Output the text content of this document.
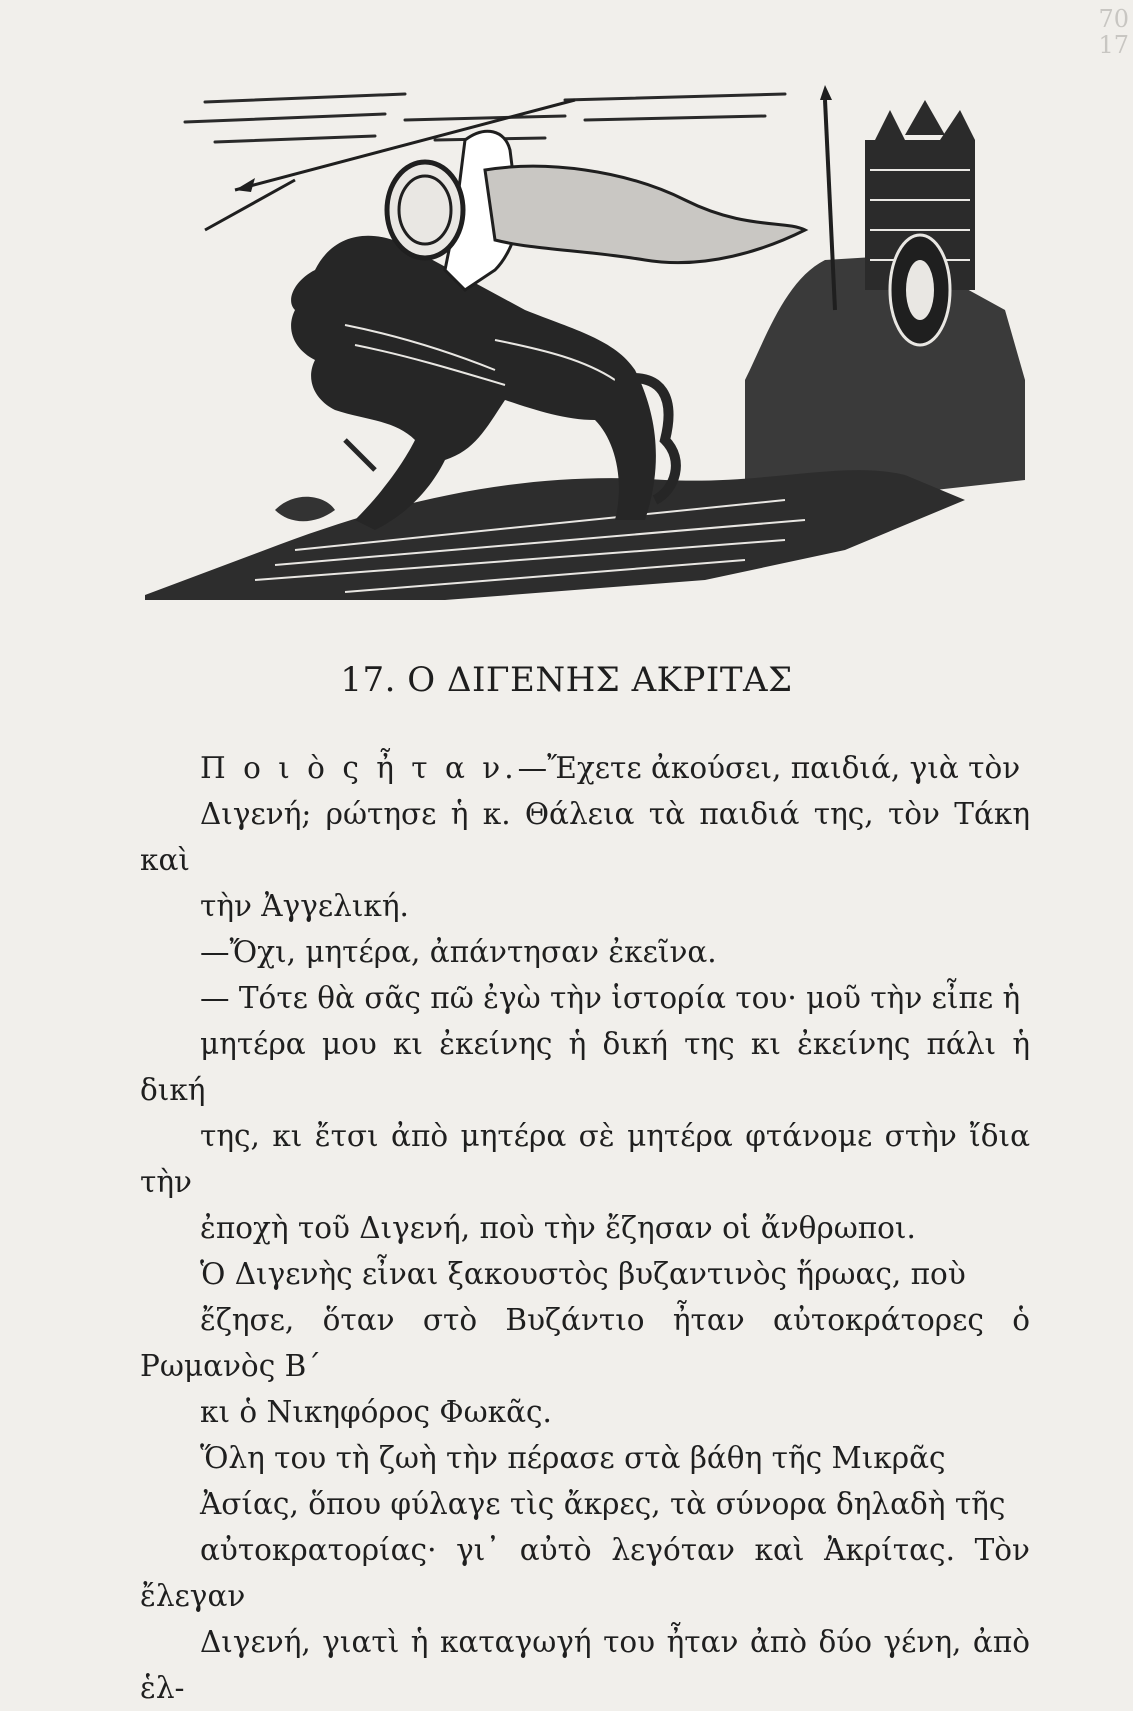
70
17
17. Ο ΔΙΓΕΝΗΣ ΑΚΡΙΤΑΣ

Π ο ι ὸ ς ἦ τ α ν.—Ἔχετε ἀκούσει, παιδιά, γιὰ τὸν
Διγενή; ρώτησε ἡ κ. Θάλεια τὰ παιδιά της, τὸν Τάκη καὶ
τὴν Ἀγγελική.

—Ὄχι, μητέρα, ἀπάντησαν ἐκεῖνα.

— Τότε θὰ σᾶς πῶ ἐγὼ τὴν ἱστορία του· μοῦ τὴν εἶπε ἡ
μητέρα μου κι ἐκείνης ἡ δική της κι ἐκείνης πάλι ἡ δική
της, κι ἔτσι ἀπὸ μητέρα σὲ μητέρα φτάνομε στὴν ἴδια τὴν
ἐποχὴ τοῦ Διγενή, ποὺ τὴν ἔζησαν οἱ ἄνθρωποι.

Ὁ Διγενὴς εἶναι ξακουστὸς βυζαντινὸς ἥρωας, ποὺ
ἔζησε, ὅταν στὸ Βυζάντιο ἦταν αὐτοκράτορες ὁ Ρωμανὸς Β΄
κι ὁ Νικηφόρος Φωκᾶς.

Ὅλη του τὴ ζωὴ τὴν πέρασε στὰ βάθη τῆς Μικρᾶς
Ἀσίας, ὅπου φύλαγε τὶς ἄκρες, τὰ σύνορα δηλαδὴ τῆς
αὐτοκρατορίας· γι᾿ αὐτὸ λεγόταν καὶ Ἀκρίτας. Τὸν ἔλεγαν
Διγενή, γιατὶ ἡ καταγωγή του ἦταν ἀπὸ δύο γένη, ἀπὸ ἑλ-
